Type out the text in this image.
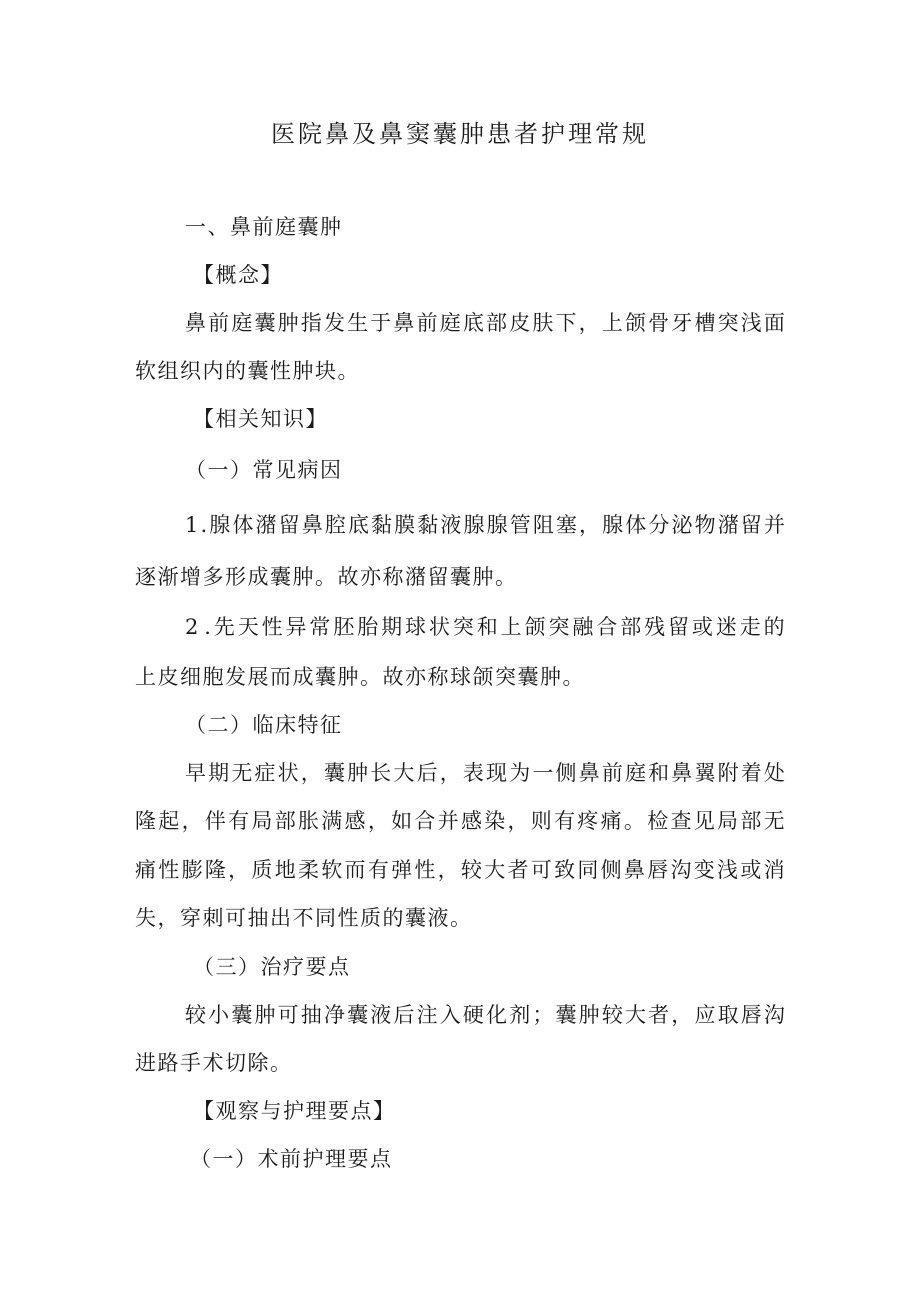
医院鼻及鼻窦囊肿患者护理常规
一、鼻前庭囊肿
【概念】
鼻 前 庭 囊 肿 指 发 生 于 鼻 前 庭 底 部 皮 肤 下 ， 上 颌 骨 牙 槽 突 浅 面
软组织内的囊性肿块。
【相关知识】
（一）常见病因
1 . 腺 体 潴 留 鼻 腔 底 黏 膜 黏 液 腺 腺 管 阻 塞 ， 腺 体 分 泌 物 潴 留 并
逐渐增多形成囊肿。故亦称潴留囊肿。
2 . 先 天 性 异 常 胚 胎 期 球 状 突 和 上 颌 突 融 合 部 残 留 或 迷 走 的
上皮细胞发展而成囊肿。故亦称球颌突囊肿。
（二）临床特征
早 期 无 症 状 ， 囊 肿 长 大 后 ， 表 现 为 一 侧 鼻 前 庭 和 鼻 翼 附 着 处
隆 起 ， 伴 有 局 部 胀 满 感 ， 如 合 并 感 染 ， 则 有 疼 痛 。 检 查 见 局 部 无
痛 性 膨 隆 ， 质 地 柔 软 而 有 弹 性 ， 较 大 者 可 致 同 侧 鼻 唇 沟 变 浅 或 消
失，穿刺可抽出不同性质的囊液。
（三）治疗要点
较 小 囊 肿 可 抽 净 囊 液 后 注 入 硬 化 剂 ； 囊 肿 较 大 者 ， 应 取 唇 沟
进路手术切除。
【观察与护理要点】
（一）术前护理要点
